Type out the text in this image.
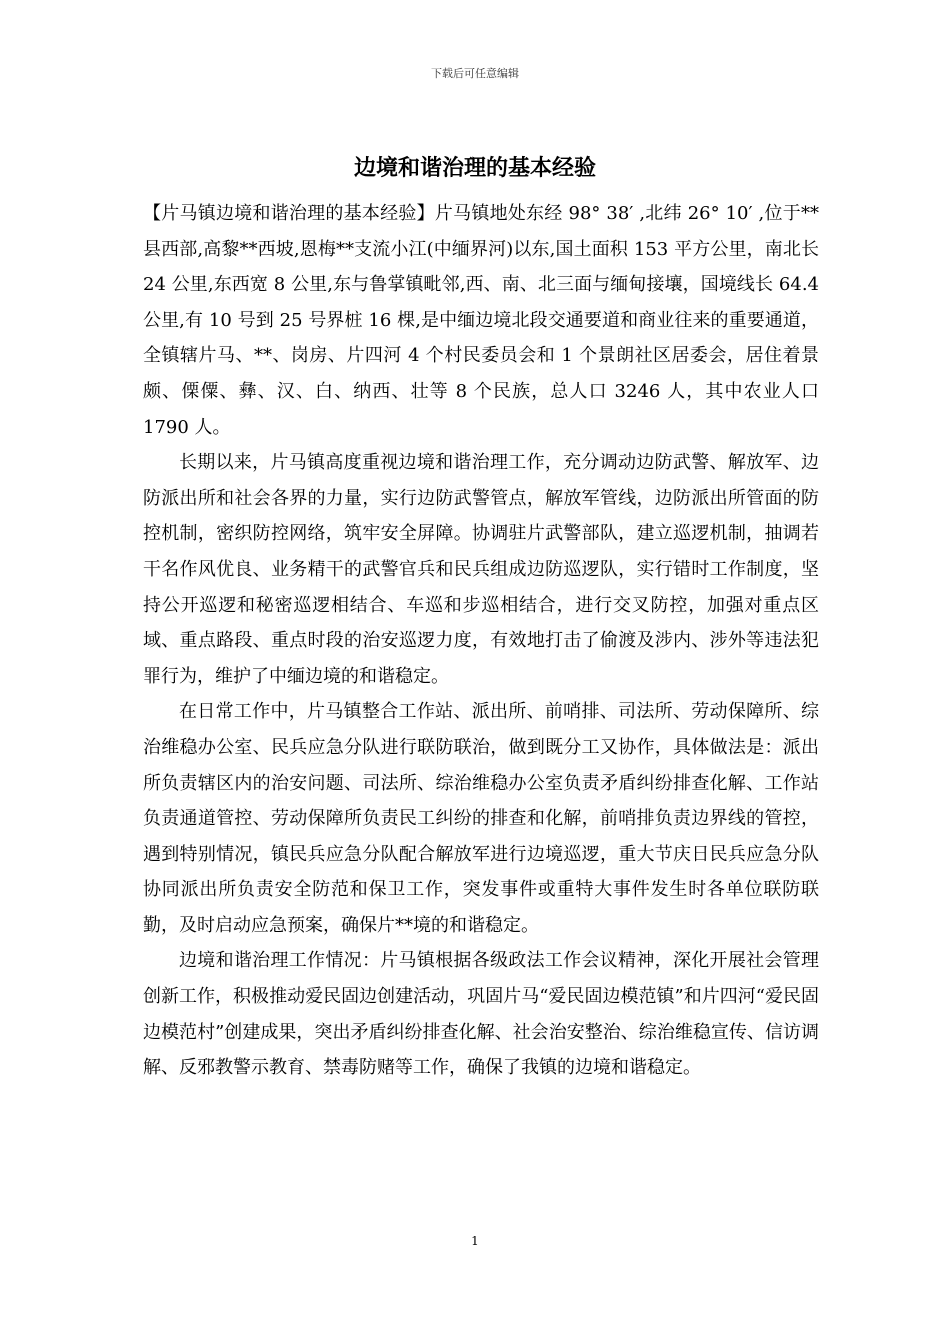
下载后可任意编辑
边境和谐治理的基本经验

【片马镇边境和谐治理的基本经验】片马镇地处东经 98° 38′ ,北纬 26° 10′ ,位于**县西部,高黎**西坡,恩梅**支流小江(中缅界河)以东,国土面积 153 平方公里，南北长 24 公里,东西宽 8 公里,东与鲁掌镇毗邻,西、南、北三面与缅甸接壤，国境线长 64.4 公里,有 10 号到 25 号界桩 16 棵,是中缅边境北段交通要道和商业往来的重要通道，全镇辖片马、**、岗房、片四河 4 个村民委员会和 1 个景朗社区居委会，居住着景颇、傈僳、彝、汉、白、纳西、壮等 8 个民族，总人口 3246 人，其中农业人口 1790 人。

长期以来，片马镇高度重视边境和谐治理工作，充分调动边防武警、解放军、边防派出所和社会各界的力量，实行边防武警管点，解放军管线，边防派出所管面的防控机制，密织防控网络，筑牢安全屏障。协调驻片武警部队，建立巡逻机制，抽调若干名作风优良、业务精干的武警官兵和民兵组成边防巡逻队，实行错时工作制度，坚持公开巡逻和秘密巡逻相结合、车巡和步巡相结合，进行交叉防控，加强对重点区域、重点路段、重点时段的治安巡逻力度，有效地打击了偷渡及涉内、涉外等违法犯罪行为，维护了中缅边境的和谐稳定。

在日常工作中，片马镇整合工作站、派出所、前哨排、司法所、劳动保障所、综治维稳办公室、民兵应急分队进行联防联治，做到既分工又协作，具体做法是：派出所负责辖区内的治安问题、司法所、综治维稳办公室负责矛盾纠纷排查化解、工作站负责通道管控、劳动保障所负责民工纠纷的排查和化解，前哨排负责边界线的管控，遇到特别情况，镇民兵应急分队配合解放军进行边境巡逻，重大节庆日民兵应急分队协同派出所负责安全防范和保卫工作，突发事件或重特大事件发生时各单位联防联勤，及时启动应急预案，确保片**境的和谐稳定。

边境和谐治理工作情况：片马镇根据各级政法工作会议精神，深化开展社会管理创新工作，积极推动爱民固边创建活动，巩固片马“爱民固边模范镇”和片四河“爱民固边模范村”创建成果，突出矛盾纠纷排查化解、社会治安整治、综治维稳宣传、信访调解、反邪教警示教育、禁毒防赌等工作，确保了我镇的边境和谐稳定。

1
